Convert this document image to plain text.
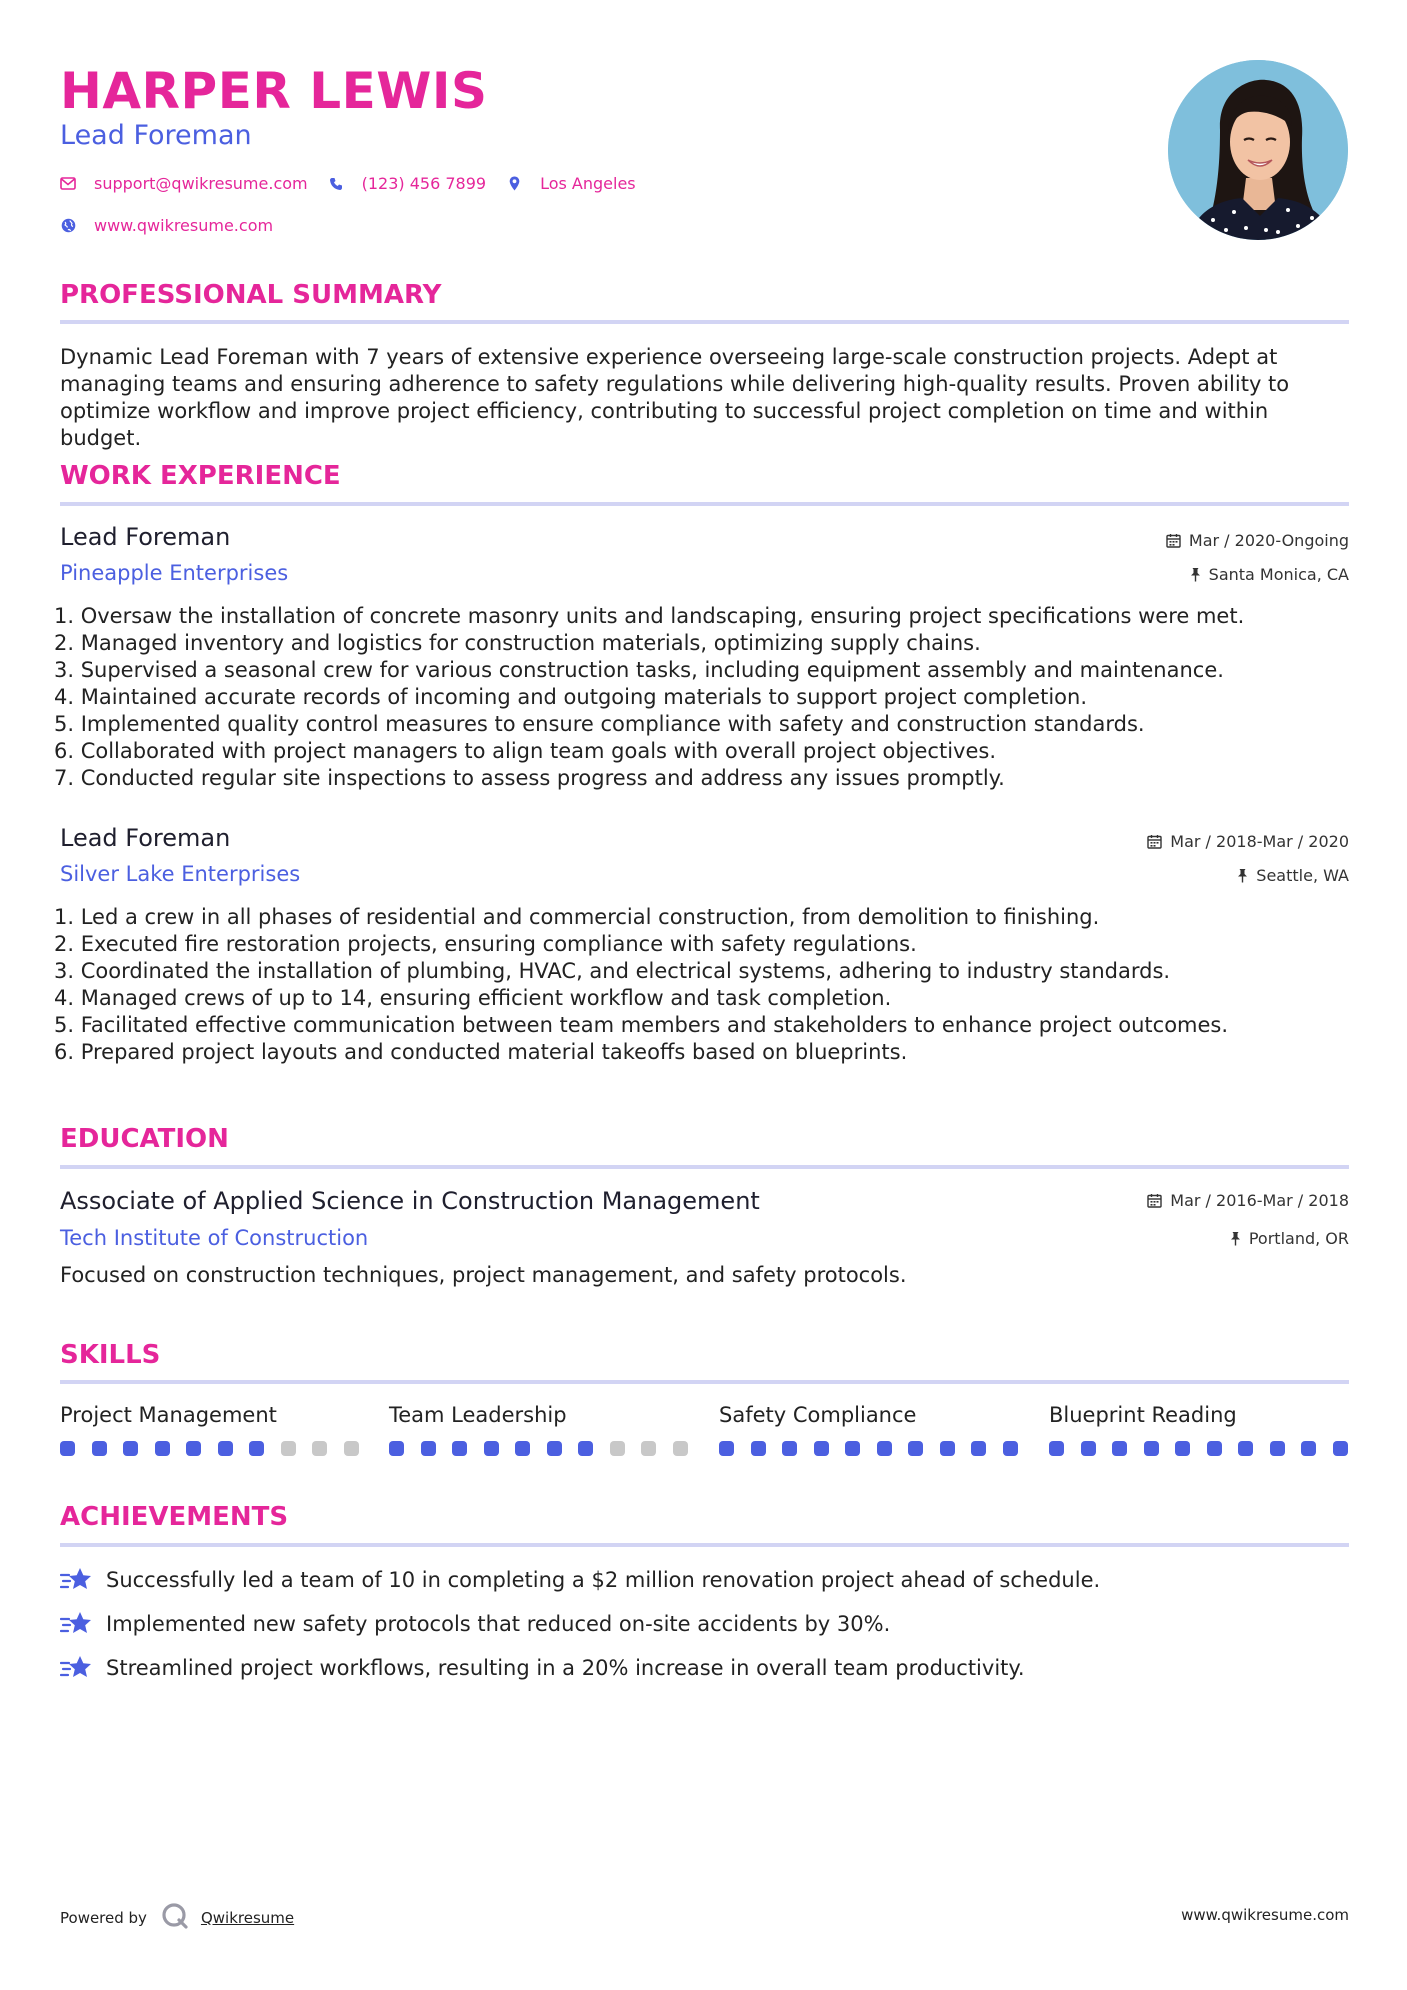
HARPER LEWIS
Lead Foreman
support@qwikresume.com	(123) 456 7899	Los Angeles
www.qwikresume.com
PROFESSIONAL SUMMARY
Dynamic Lead Foreman with 7 years of extensive experience overseeing large-scale construction projects. Adept at managing teams and ensuring adherence to safety regulations while delivering high-quality results. Proven ability to optimize workflow and improve project efficiency, contributing to successful project completion on time and within budget.
WORK EXPERIENCE
Lead Foreman	Mar / 2020-Ongoing
Pineapple Enterprises	Santa Monica, CA
1. Oversaw the installation of concrete masonry units and landscaping, ensuring project specifications were met.
2. Managed inventory and logistics for construction materials, optimizing supply chains.
3. Supervised a seasonal crew for various construction tasks, including equipment assembly and maintenance.
4. Maintained accurate records of incoming and outgoing materials to support project completion.
5. Implemented quality control measures to ensure compliance with safety and construction standards.
6. Collaborated with project managers to align team goals with overall project objectives.
7. Conducted regular site inspections to assess progress and address any issues promptly.
Lead Foreman	Mar / 2018-Mar / 2020
Silver Lake Enterprises	Seattle, WA
1. Led a crew in all phases of residential and commercial construction, from demolition to finishing.
2. Executed fire restoration projects, ensuring compliance with safety regulations.
3. Coordinated the installation of plumbing, HVAC, and electrical systems, adhering to industry standards.
4. Managed crews of up to 14, ensuring efficient workflow and task completion.
5. Facilitated effective communication between team members and stakeholders to enhance project outcomes.
6. Prepared project layouts and conducted material takeoffs based on blueprints.
EDUCATION
Associate of Applied Science in Construction Management	Mar / 2016-Mar / 2018
Tech Institute of Construction	Portland, OR
Focused on construction techniques, project management, and safety protocols.
SKILLS
Project Management	Team Leadership	Safety Compliance	Blueprint Reading
ACHIEVEMENTS
Successfully led a team of 10 in completing a $2 million renovation project ahead of schedule.
Implemented new safety protocols that reduced on-site accidents by 30%.
Streamlined project workflows, resulting in a 20% increase in overall team productivity.
Powered by	Qwikresume	www.qwikresume.com
